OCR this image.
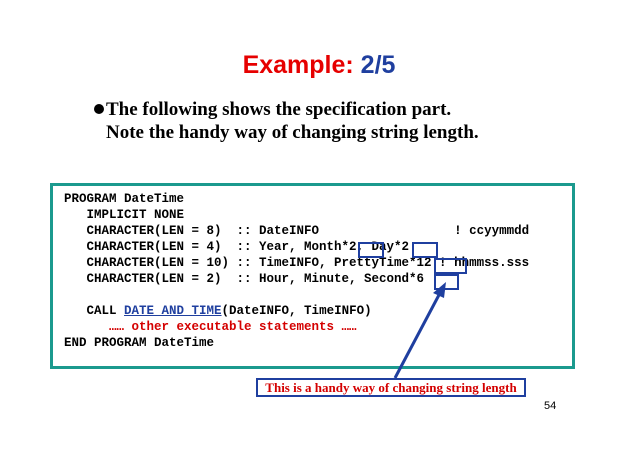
Example: 2/5
The following shows the specification part.
Note the handy way of changing string length.
PROGRAM DateTime
IMPLICIT NONE
CHARACTER(LEN = 8)  :: DateINFO                  ! ccyymmdd
CHARACTER(LEN = 4)  :: Year, Month*2, Day*2
CHARACTER(LEN = 10) :: TimeINFO, PrettyTime*12 ! hhmmss.sss
CHARACTER(LEN = 2)  :: Hour, Minute, Second*6
CALL DATE_AND_TIME(DateINFO, TimeINFO)
…… other executable statements ……
END PROGRAM DateTime
This is a handy way of changing string length
54
